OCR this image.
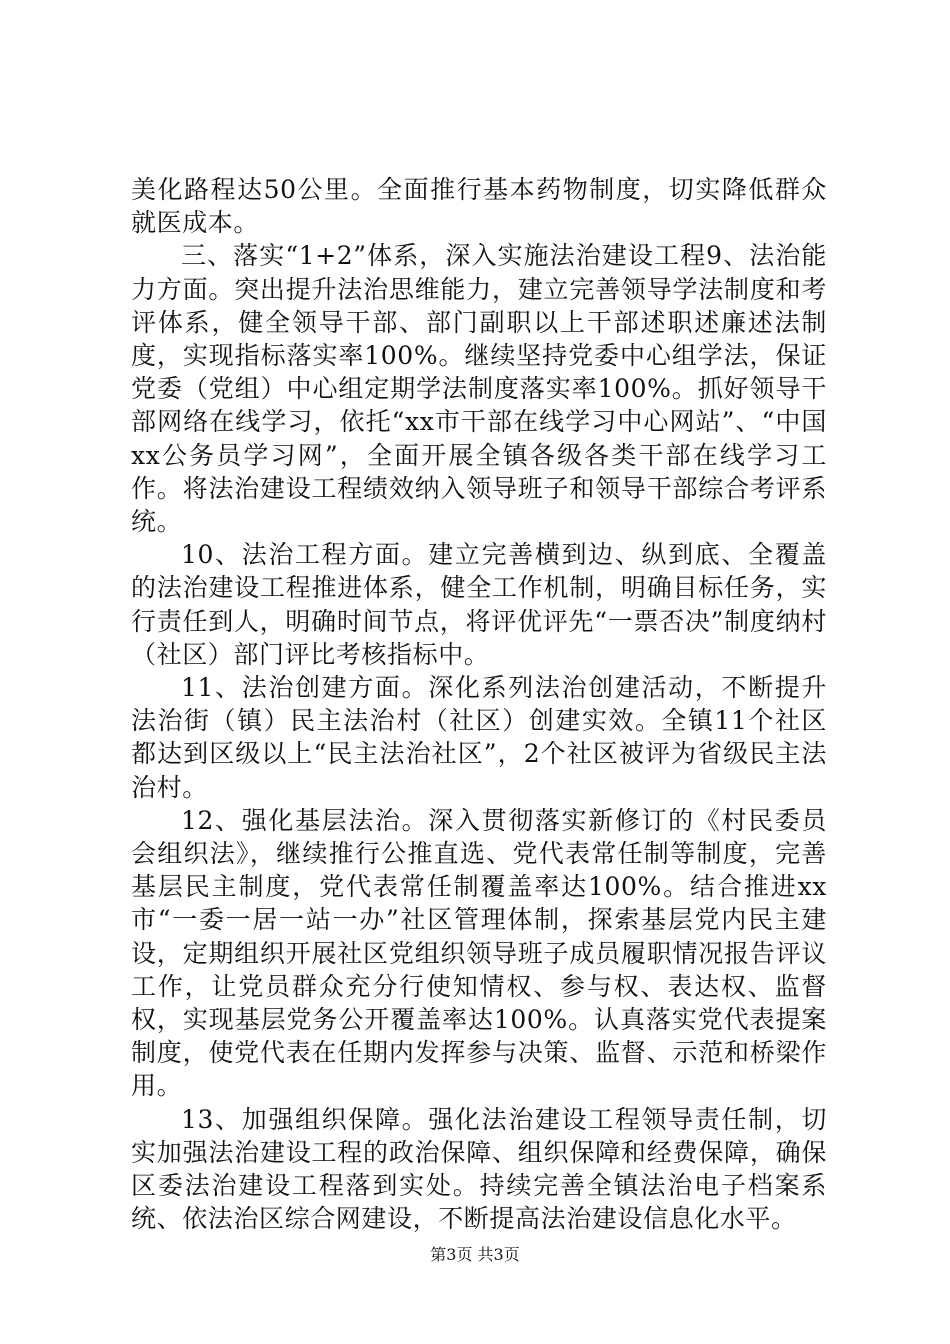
美化路程达50公里。全面推行基本药物制度，切实降低群众就医成本。

三、落实“1+2”体系，深入实施法治建设工程9、法治能力方面。突出提升法治思维能力，建立完善领导学法制度和考评体系，健全领导干部、部门副职以上干部述职述廉述法制度，实现指标落实率100%。继续坚持党委中心组学法，保证党委（党组）中心组定期学法制度落实率100%。抓好领导干部网络在线学习，依托“xx市干部在线学习中心网站”、“中国xx公务员学习网”，全面开展全镇各级各类干部在线学习工作。将法治建设工程绩效纳入领导班子和领导干部综合考评系统。

10、法治工程方面。建立完善横到边、纵到底、全覆盖的法治建设工程推进体系，健全工作机制，明确目标任务，实行责任到人，明确时间节点，将评优评先“一票否决”制度纳村（社区）部门评比考核指标中。

11、法治创建方面。深化系列法治创建活动，不断提升法治街（镇）民主法治村（社区）创建实效。全镇11个社区都达到区级以上“民主法治社区”，2个社区被评为省级民主法治村。

12、强化基层法治。深入贯彻落实新修订的《村民委员会组织法》，继续推行公推直选、党代表常任制等制度，完善基层民主制度，党代表常任制覆盖率达100%。结合推进xx市“一委一居一站一办”社区管理体制，探索基层党内民主建设，定期组织开展社区党组织领导班子成员履职情况报告评议工作，让党员群众充分行使知情权、参与权、表达权、监督权，实现基层党务公开覆盖率达100%。认真落实党代表提案制度，使党代表在任期内发挥参与决策、监督、示范和桥梁作用。

13、加强组织保障。强化法治建设工程领导责任制，切实加强法治建设工程的政治保障、组织保障和经费保障，确保区委法治建设工程落到实处。持续完善全镇法治电子档案系统、依法治区综合网建设，不断提高法治建设信息化水平。

第3页 共3页
